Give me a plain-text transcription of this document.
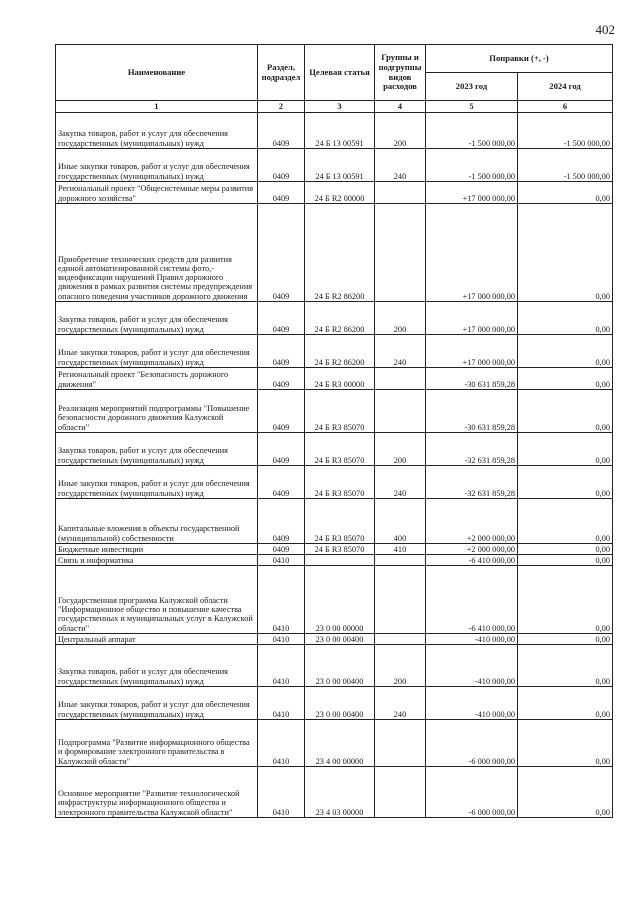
402
Наименование	Раздел, подраздел	Целевая статья	Группы и подгруппы видов расходов	Поправки (+, -)	
				2023 год	2024 год
1	2	3	4	5	6
Закупка товаров, работ и услуг для обеспечения государственных (муниципальных) нужд	0409	24 Б 13 00591	200	-1 500 000,00	-1 500 000,00
Иные закупки товаров, работ и услуг для обеспечения государственных (муниципальных) нужд	0409	24 Б 13 00591	240	-1 500 000,00	-1 500 000,00
Региональный проект "Общесистемные меры развития дорожного хозяйства"	0409	24 Б R2 00000		+17 000 000,00	0,00
Приобретение технических средств для развития единой автоматизированной системы фото,-видеофиксации нарушений Правил дорожного движения в рамках развития системы предупреждения опасного поведения участников дорожного движения	0409	24 Б R2 86200		+17 000 000,00	0,00
Закупка товаров, работ и услуг для обеспечения государственных (муниципальных) нужд	0409	24 Б R2 86200	200	+17 000 000,00	0,00
Иные закупки товаров, работ и услуг для обеспечения государственных (муниципальных) нужд	0409	24 Б R2 86200	240	+17 000 000,00	0,00
Региональный проект "Безопасность дорожного движения"	0409	24 Б R3 00000		-30 631 859,28	0,00
Реализация мероприятий подпрограммы "Повышение безопасности дорожного движения Калужской области"	0409	24 Б R3 85070		-30 631 859,28	0,00
Закупка товаров, работ и услуг для обеспечения государственных (муниципальных) нужд	0409	24 Б R3 85070	200	-32 631 859,28	0,00
Иные закупки товаров, работ и услуг для обеспечения государственных (муниципальных) нужд	0409	24 Б R3 85070	240	-32 631 859,28	0,00
Капитальные вложения в объекты государственной (муниципальной) собственности	0409	24 Б R3 85070	400	+2 000 000,00	0,00
Бюджетные инвестиции	0409	24 Б R3 85070	410	+2 000 000,00	0,00
Связь и информатика	0410			-6 410 000,00	0,00
Государственная программа Калужской области "Информационное общество и повышение качества государственных и муниципальных услуг в Калужской области"	0410	23 0 00 00000		-6 410 000,00	0,00
Центральный аппарат	0410	23 0 00 00400		-410 000,00	0,00
Закупка товаров, работ и услуг для обеспечения государственных (муниципальных) нужд	0410	23 0 00 00400	200	-410 000,00	0,00
Иные закупки товаров, работ и услуг для обеспечения государственных (муниципальных) нужд	0410	23 0 00 00400	240	-410 000,00	0,00
Подпрограмма "Развитие информационного общества и формирование электронного правительства в Калужской области"	0410	23 4 00 00000		-6 000 000,00	0,00
Основное мероприятие "Развитие технологической инфраструктуры информационного общества и электронного правительства Калужской области"	0410	23 4 03 00000		-6 000 000,00	0,00
